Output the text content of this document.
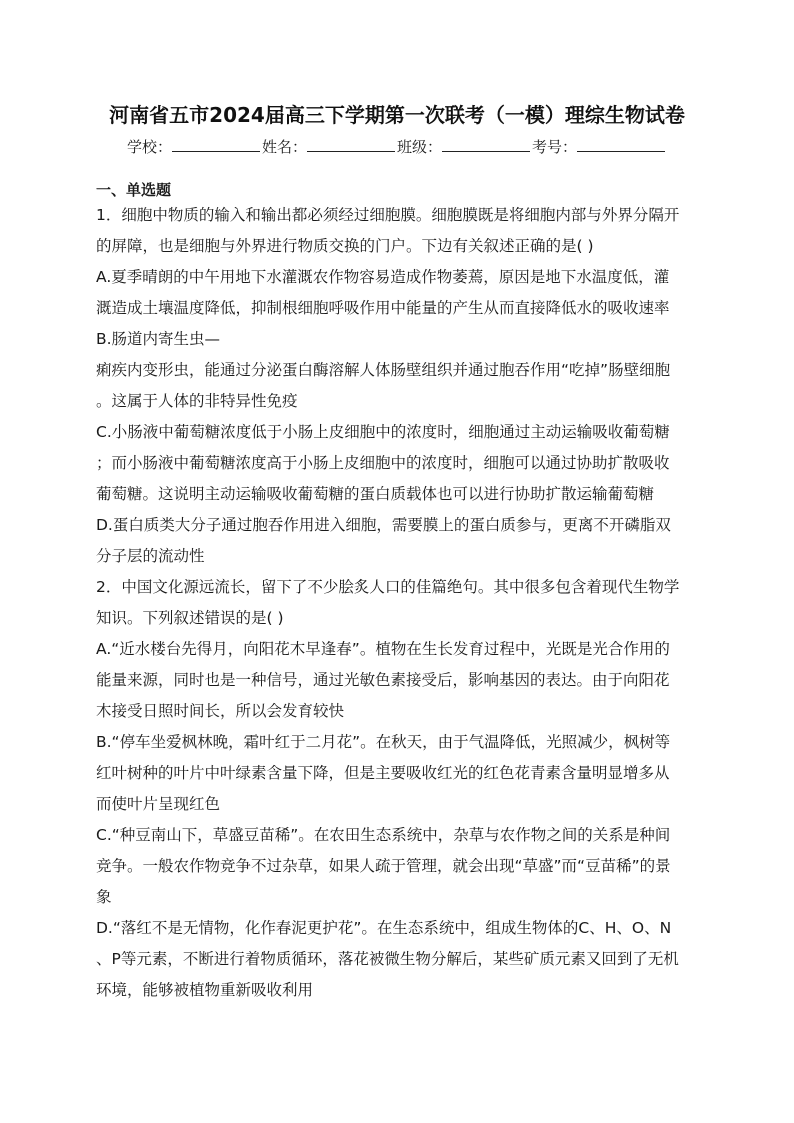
河南省五市2024届高三下学期第一次联考（一模）理综生物试卷
学校：	姓名：	班级：	考号：
一、单选题
1．细胞中物质的输入和输出都必须经过细胞膜。细胞膜既是将细胞内部与外界分隔开
的屏障，也是细胞与外界进行物质交换的门户。下边有关叙述正确的是( )
A.夏季晴朗的中午用地下水灌溉农作物容易造成作物萎蔫，原因是地下水温度低，灌
溉造成土壤温度降低，抑制根细胞呼吸作用中能量的产生从而直接降低水的吸收速率
B.肠道内寄生虫—
痢疾内变形虫，能通过分泌蛋白酶溶解人体肠壁组织并通过胞吞作用“吃掉”肠壁细胞
。这属于人体的非特异性免疫
C.小肠液中葡萄糖浓度低于小肠上皮细胞中的浓度时，细胞通过主动运输吸收葡萄糖
；而小肠液中葡萄糖浓度高于小肠上皮细胞中的浓度时，细胞可以通过协助扩散吸收
葡萄糖。这说明主动运输吸收葡萄糖的蛋白质载体也可以进行协助扩散运输葡萄糖
D.蛋白质类大分子通过胞吞作用进入细胞，需要膜上的蛋白质参与，更离不开磷脂双
分子层的流动性
2．中国文化源远流长，留下了不少脍炙人口的佳篇绝句。其中很多包含着现代生物学
知识。下列叙述错误的是( )
A.“近水楼台先得月，向阳花木早逢春”。植物在生长发育过程中，光既是光合作用的
能量来源，同时也是一种信号，通过光敏色素接受后，影响基因的表达。由于向阳花
木接受日照时间长，所以会发育较快
B.“停车坐爱枫林晚，霜叶红于二月花”。在秋天，由于气温降低，光照减少，枫树等
红叶树种的叶片中叶绿素含量下降，但是主要吸收红光的红色花青素含量明显增多从
而使叶片呈现红色
C.“种豆南山下，草盛豆苗稀”。在农田生态系统中，杂草与农作物之间的关系是种间
竞争。一般农作物竞争不过杂草，如果人疏于管理，就会出现“草盛”而“豆苗稀”的景
象
D.“落红不是无情物，化作春泥更护花”。在生态系统中，组成生物体的C、H、O、N
、P等元素，不断进行着物质循环，落花被微生物分解后，某些矿质元素又回到了无机
环境，能够被植物重新吸收利用
